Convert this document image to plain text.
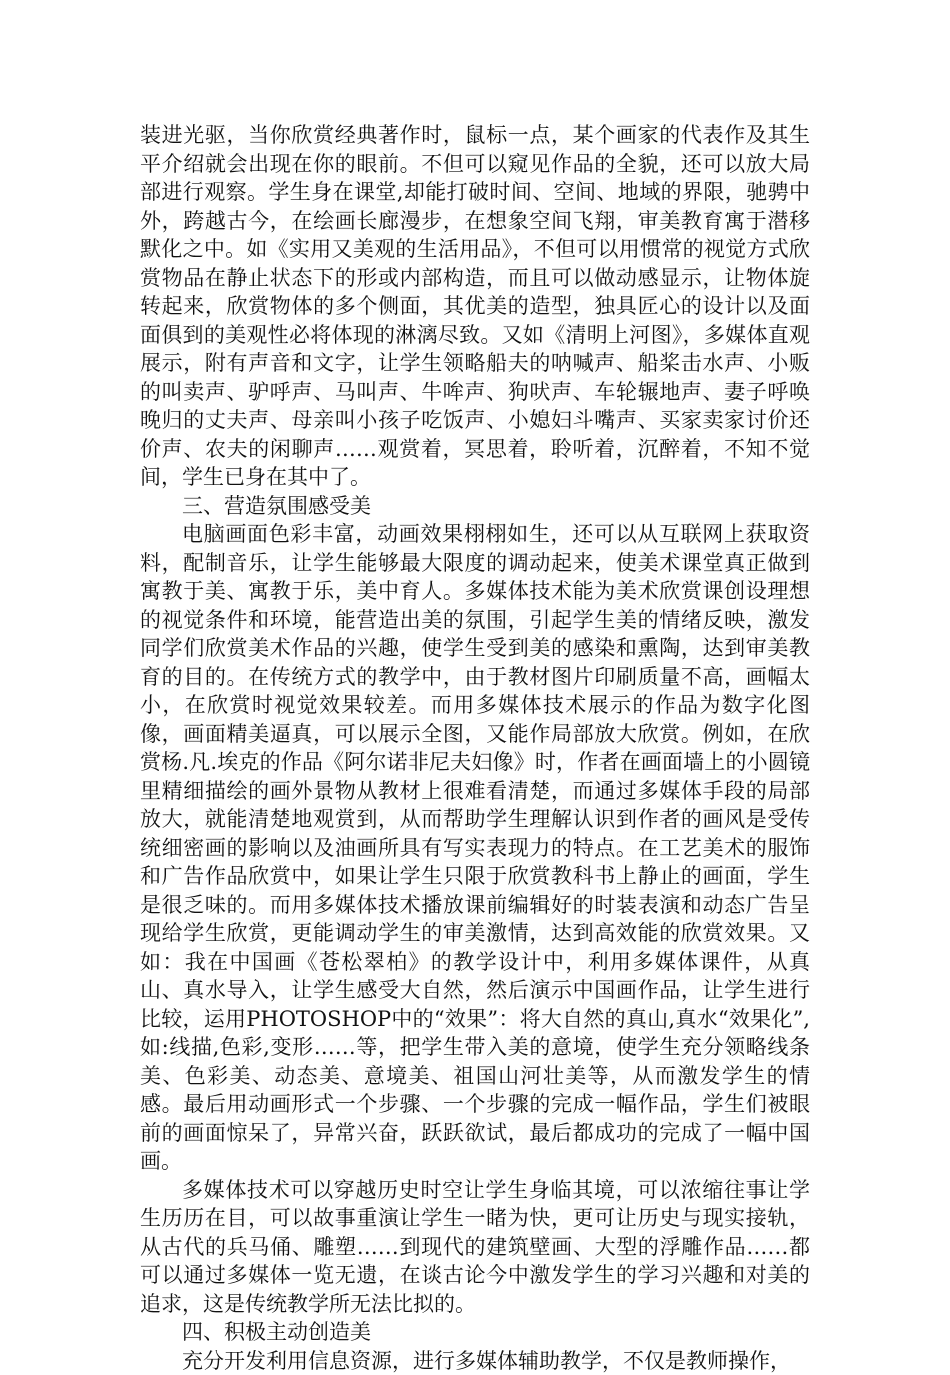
装进光驱，当你欣赏经典著作时，鼠标一点，某个画家的代表作及其生平介绍就会出现在你的眼前。不但可以窥见作品的全貌，还可以放大局部进行观察。学生身在课堂,却能打破时间、空间、地域的界限，驰骋中外，跨越古今，在绘画长廊漫步，在想象空间飞翔，审美教育寓于潜移默化之中。如《实用又美观的生活用品》，不但可以用惯常的视觉方式欣赏物品在静止状态下的形或内部构造，而且可以做动感显示，让物体旋转起来，欣赏物体的多个侧面，其优美的造型，独具匠心的设计以及面面俱到的美观性必将体现的淋漓尽致。又如《清明上河图》，多媒体直观展示，附有声音和文字，让学生领略船夫的呐喊声、船桨击水声、小贩的叫卖声、驴呼声、马叫声、牛哞声、狗吠声、车轮辗地声、妻子呼唤晚归的丈夫声、母亲叫小孩子吃饭声、小媳妇斗嘴声、买家卖家讨价还价声、农夫的闲聊声……观赏着，冥思着，聆听着，沉醉着，不知不觉间，学生已身在其中了。

三、营造氛围感受美

电脑画面色彩丰富，动画效果栩栩如生，还可以从互联网上获取资料，配制音乐，让学生能够最大限度的调动起来，使美术课堂真正做到寓教于美、寓教于乐，美中育人。多媒体技术能为美术欣赏课创设理想的视觉条件和环境，能营造出美的氛围，引起学生美的情绪反映，激发同学们欣赏美术作品的兴趣，使学生受到美的感染和熏陶，达到审美教育的目的。在传统方式的教学中，由于教材图片印刷质量不高，画幅太小，在欣赏时视觉效果较差。而用多媒体技术展示的作品为数字化图像，画面精美逼真，可以展示全图，又能作局部放大欣赏。例如，在欣赏杨.凡.埃克的作品《阿尔诺非尼夫妇像》时，作者在画面墙上的小圆镜里精细描绘的画外景物从教材上很难看清楚，而通过多媒体手段的局部放大，就能清楚地观赏到，从而帮助学生理解认识到作者的画风是受传统细密画的影响以及油画所具有写实表现力的特点。在工艺美术的服饰和广告作品欣赏中，如果让学生只限于欣赏教科书上静止的画面，学生是很乏味的。而用多媒体技术播放课前编辑好的时装表演和动态广告呈现给学生欣赏，更能调动学生的审美激情，达到高效能的欣赏效果。又如：我在中国画《苍松翠柏》的教学设计中，利用多媒体课件，从真山、真水导入，让学生感受大自然，然后演示中国画作品，让学生进行比较，运用PHOTOSHOP中的“效果”：将大自然的真山,真水“效果化”,如:线描,色彩,变形……等，把学生带入美的意境，使学生充分领略线条美、色彩美、动态美、意境美、祖国山河壮美等，从而激发学生的情感。最后用动画形式一个步骤、一个步骤的完成一幅作品，学生们被眼前的画面惊呆了，异常兴奋，跃跃欲试，最后都成功的完成了一幅中国画。

多媒体技术可以穿越历史时空让学生身临其境，可以浓缩往事让学生历历在目，可以故事重演让学生一睹为快，更可让历史与现实接轨，从古代的兵马俑、雕塑……到现代的建筑壁画、大型的浮雕作品……都可以通过多媒体一览无遗，在谈古论今中激发学生的学习兴趣和对美的追求，这是传统教学所无法比拟的。

四、积极主动创造美

充分开发利用信息资源，进行多媒体辅助教学，不仅是教师操作，
